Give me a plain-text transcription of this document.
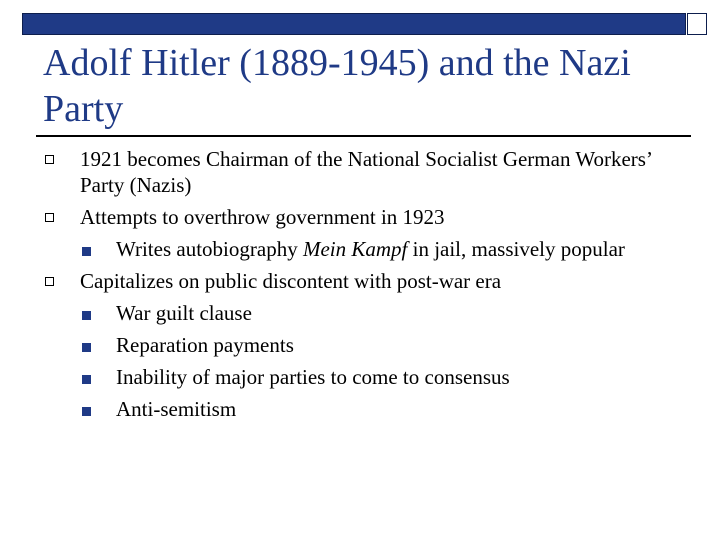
Adolf Hitler (1889-1945) and the Nazi Party
1921 becomes Chairman of the National Socialist German Workers’ Party (Nazis)
Attempts to overthrow government in 1923
Writes autobiography Mein Kampf in jail, massively popular
Capitalizes on public discontent with post-war era
War guilt clause
Reparation payments
Inability of major parties to come to consensus
Anti-semitism
